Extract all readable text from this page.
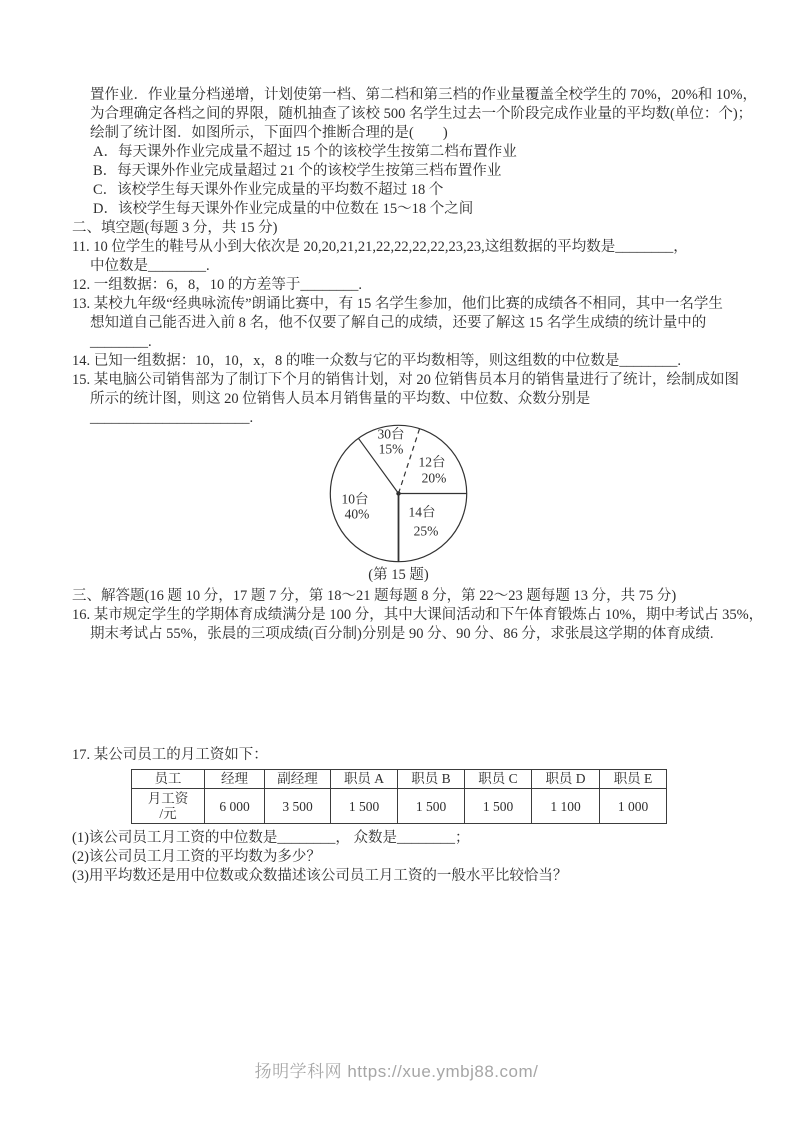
置作业．作业量分档递增，计划使第一档、第二档和第三档的作业量覆盖全校学生的 70%，20%和 10%，
为合理确定各档之间的界限，随机抽查了该校 500 名学生过去一个阶段完成作业量的平均数(单位：个)；
绘制了统计图．如图所示，下面四个推断合理的是(　　)
A．每天课外作业完成量不超过 15 个的该校学生按第二档布置作业
B．每天课外作业完成量超过 21 个的该校学生按第三档布置作业
C．该校学生每天课外作业完成量的平均数不超过 18 个
D．该校学生每天课外作业完成量的中位数在 15～18 个之间
二、填空题(每题 3 分，共 15 分)
11. 10 位学生的鞋号从小到大依次是 20,20,21,21,22,22,22,22,23,23,这组数据的平均数是________，
中位数是________.
12. 一组数据：6，8，10 的方差等于________.
13. 某校九年级“经典咏流传”朗诵比赛中，有 15 名学生参加，他们比赛的成绩各不相同，其中一名学生
想知道自己能否进入前 8 名，他不仅要了解自己的成绩，还要了解这 15 名学生成绩的统计量中的
________.
14. 已知一组数据：10，10，x，8 的唯一众数与它的平均数相等，则这组数的中位数是________.
15. 某电脑公司销售部为了制订下个月的销售计划，对 20 位销售员本月的销售量进行了统计，绘制成如图
所示的统计图，则这 20 位销售人员本月销售量的平均数、中位数、众数分别是
______________________.
30台
15%
12台
20%
10台
40%	14台
25%
(第 15 题)
三、解答题(16 题 10 分，17 题 7 分，第 18～21 题每题 8 分，第 22～23 题每题 13 分，共 75 分)
16. 某市规定学生的学期体育成绩满分是 100 分，其中大课间活动和下午体育锻炼占 10%，期中考试占 35%，
期末考试占 55%，张晨的三项成绩(百分制)分别是 90 分、90 分、86 分，求张晨这学期的体育成绩.
17. 某公司员工的月工资如下：
员工	经理	副经理	职员 A	职员 B	职员 C	职员 D	职员 E

月工资
/元	6 000	3 500	1 500	1 500	1 500	1 100	1 000
(1)该公司员工月工资的中位数是________， 众数是________；
(2)该公司员工月工资的平均数为多少？
(3)用平均数还是用中位数或众数描述该公司员工月工资的一般水平比较恰当？
扬明学科网 https://xue.ymbj88.com/
